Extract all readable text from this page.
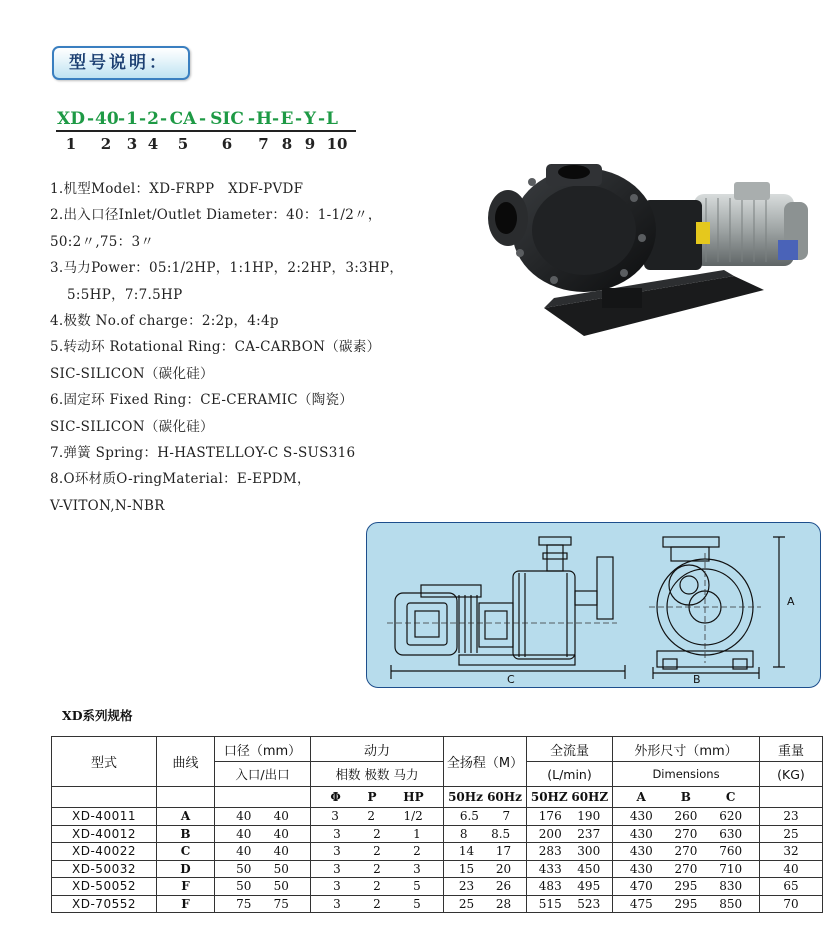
型号说明：
XD - 40 - 1 - 2 - CA - SIC - H - E - Y - L
1	2	3 4	5	6	7 8 9 10
1.机型Model：XD-FRPP　XDF-PVDF
2.出入口径Inlet/Outlet Diameter：40：1-1/2〃，
50:2〃,75：3〃
3.马力Power：05:1/2HP，1:1HP，2:2HP，3:3HP，
5:5HP，7:7.5HP
4.极数 No.of charge：2:2p，4:4p
5.转动环 Rotational Ring：CA-CARBON（碳素）
SIC-SILICON（碳化硅）
6.固定环 Fixed Ring：CE-CERAMIC（陶瓷）
SIC-SILICON（碳化硅）
7.弹簧 Spring：H-HASTELLOY-C S-SUS316
8.O环材质O-ringMaterial：E-EPDM，
V-VITON,N-NBR
C	B
A
XD系列规格
型式	曲线	口径（mm）	动力	全扬程（M）	全流量	外形尺寸（mm）	重量
		入口/出口	相数 极数 马力		(L/min)	Dimensions	(KG)

			Φ P HP	50Hz 60Hz	50HZ 60HZ	A B C	

XD-40011	A	40 40	3 2 1/2	6.5 7	176 190	430 260 620	23
XD-40012	B	40 40	3 2 1	8 8.5	200 237	430 270 630	25
XD-40022	C	40 40	3 2 2	14 17	283 300	430 270 760	32
XD-50032	D	50 50	3 2 3	15 20	433 450	430 270 710	40
XD-50052	F	50 50	3 2 5	23 26	483 495	470 295 830	65
XD-70552	F	75 75	3 2 5	25 28	515 523	475 295 850	70
